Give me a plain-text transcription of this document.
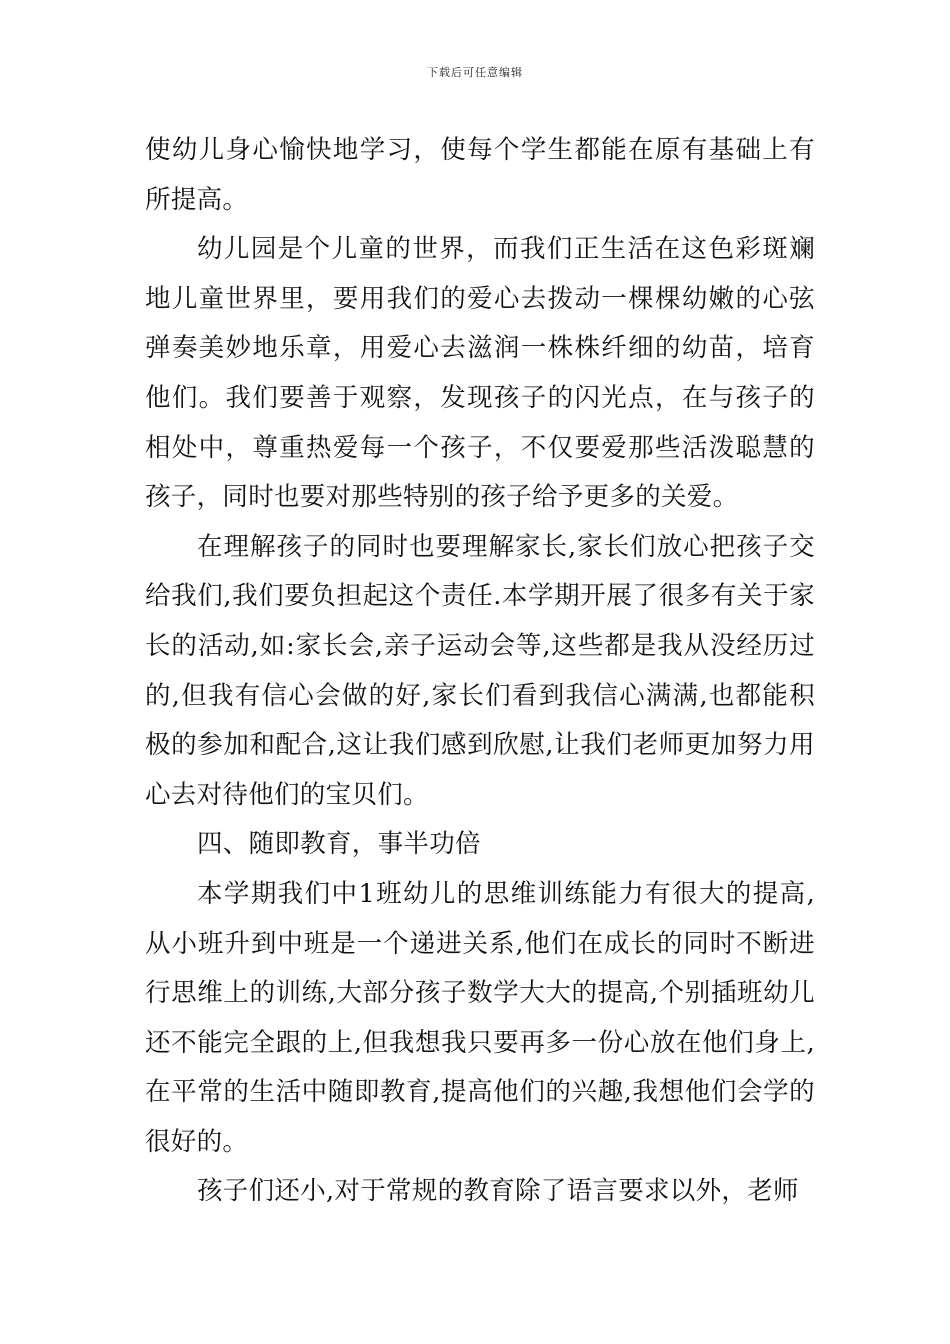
下载后可任意编辑

使幼儿身心愉快地学习，使每个学生都能在原有基础上有所提高。

幼儿园是个儿童的世界，而我们正生活在这色彩斑斓地儿童世界里，要用我们的爱心去拨动一棵棵幼嫩的心弦弹奏美妙地乐章，用爱心去滋润一株株纤细的幼苗，培育他们。我们要善于观察，发现孩子的闪光点，在与孩子的相处中，尊重热爱每一个孩子，不仅要爱那些活泼聪慧的孩子，同时也要对那些特别的孩子给予更多的关爱。

在理解孩子的同时也要理解家长,家长们放心把孩子交给我们,我们要负担起这个责任.本学期开展了很多有关于家长的活动,如:家长会,亲子运动会等,这些都是我从没经历过的,但我有信心会做的好,家长们看到我信心满满,也都能积极的参加和配合,这让我们感到欣慰,让我们老师更加努力用心去对待他们的宝贝们。

四、随即教育，事半功倍

本学期我们中1班幼儿的思维训练能力有很大的提高,从小班升到中班是一个递进关系,他们在成长的同时不断进行思维上的训练,大部分孩子数学大大的提高,个别插班幼儿还不能完全跟的上,但我想我只要再多一份心放在他们身上,在平常的生活中随即教育,提高他们的兴趣,我想他们会学的很好的。

孩子们还小,对于常规的教育除了语言要求以外，老师
